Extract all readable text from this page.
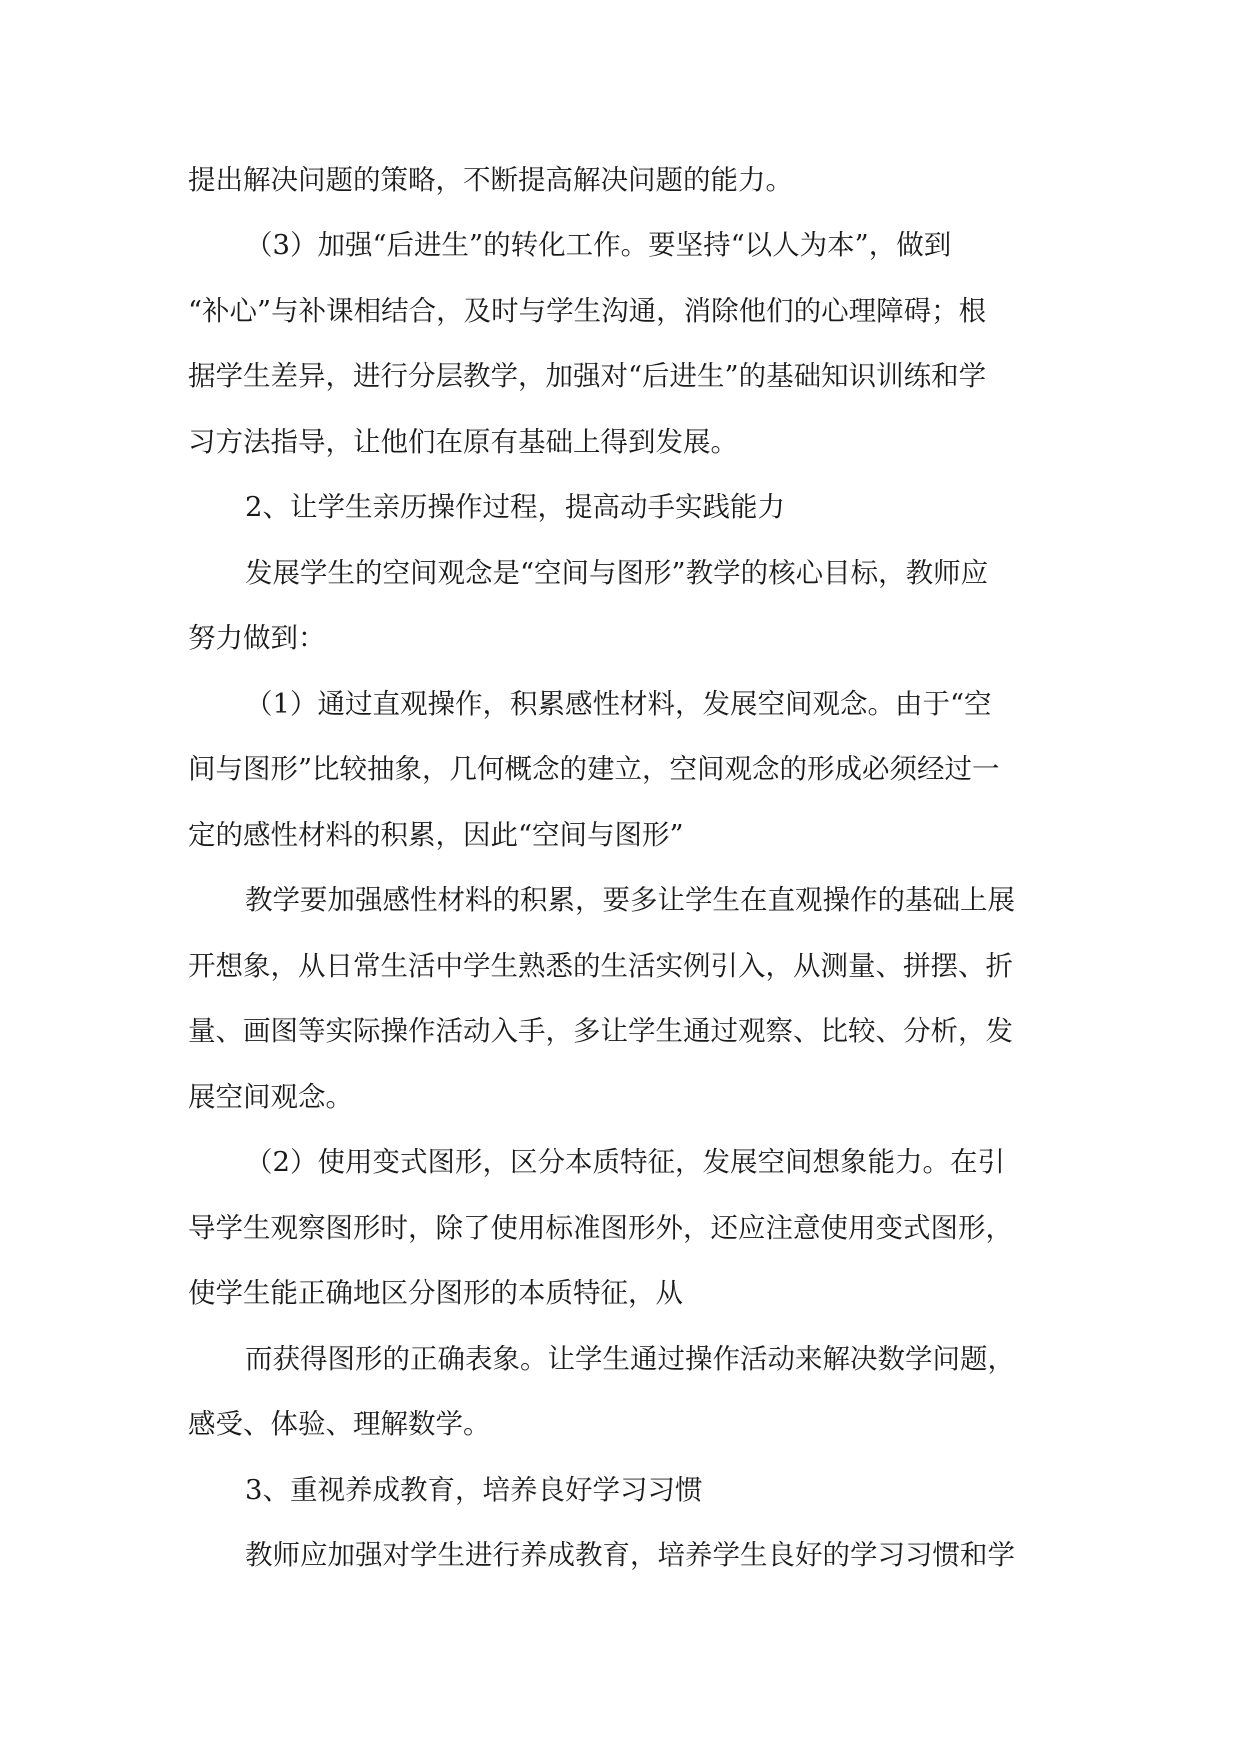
提出解决问题的策略，不断提高解决问题的能力。

（3）加强“后进生”的转化工作。要坚持“以人为本”，做到

“补心”与补课相结合，及时与学生沟通，消除他们的心理障碍；根

据学生差异，进行分层教学，加强对“后进生”的基础知识训练和学

习方法指导，让他们在原有基础上得到发展。

2、让学生亲历操作过程，提高动手实践能力

发展学生的空间观念是“空间与图形”教学的核心目标，教师应

努力做到：

（1）通过直观操作，积累感性材料，发展空间观念。由于“空

间与图形”比较抽象，几何概念的建立，空间观念的形成必须经过一

定的感性材料的积累，因此“空间与图形”

教学要加强感性材料的积累，要多让学生在直观操作的基础上展

开想象，从日常生活中学生熟悉的生活实例引入，从测量、拼摆、折

量、画图等实际操作活动入手，多让学生通过观察、比较、分析，发

展空间观念。

（2）使用变式图形，区分本质特征，发展空间想象能力。在引

导学生观察图形时，除了使用标准图形外，还应注意使用变式图形，

使学生能正确地区分图形的本质特征，从

而获得图形的正确表象。让学生通过操作活动来解决数学问题，

感受、体验、理解数学。

3、重视养成教育，培养良好学习习惯

教师应加强对学生进行养成教育，培养学生良好的学习习惯和学
